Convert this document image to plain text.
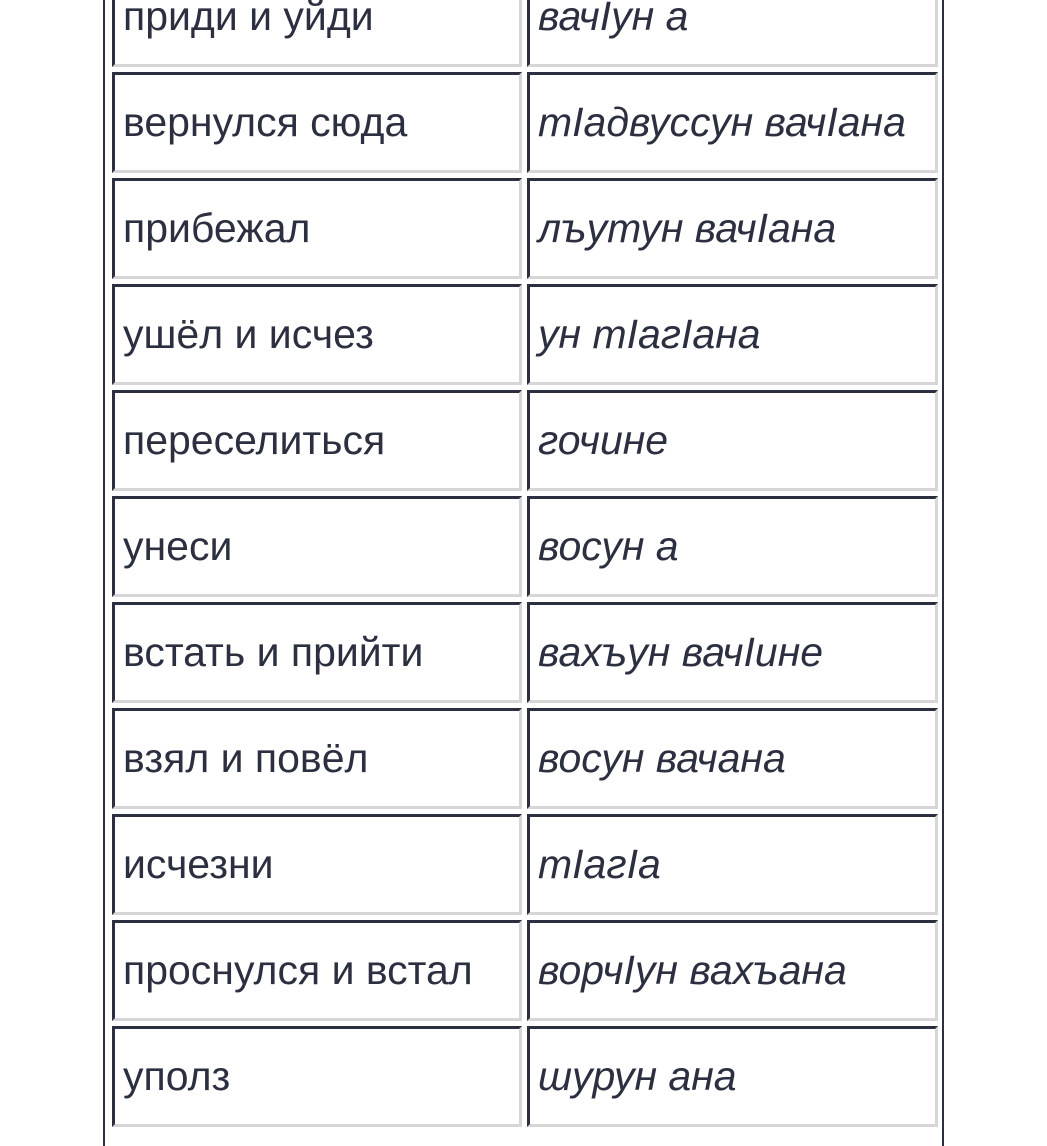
приди и уйди	вачIун а
вернулся сюда	тIадвуссун вачIана
прибежал	лъутун вачIана
ушёл и исчез	ун тIагIана
переселиться	гочине
унеси	восун а
встать и прийти	вахъун вачIине
взял и повёл	восун вачана
исчезни	тIагIа
проснулся и встал	ворчIун вахъана
уполз	шурун ана
